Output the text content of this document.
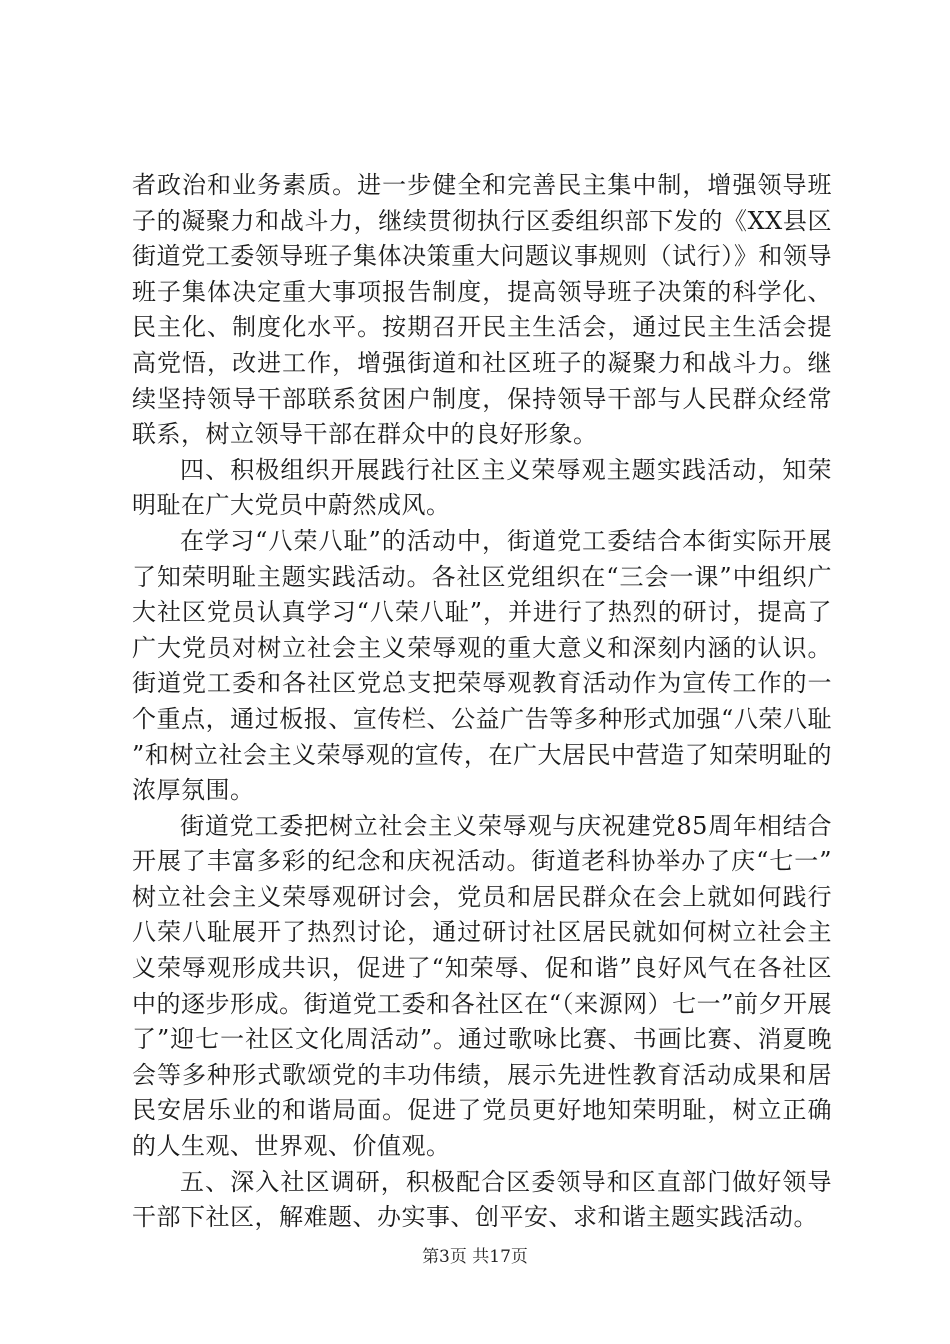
者政治和业务素质。进一步健全和完善民主集中制，增强领导班子的凝聚力和战斗力，继续贯彻执行区委组织部下发的《XX县区街道党工委领导班子集体决策重大问题议事规则（试行）》和领导班子集体决定重大事项报告制度，提高领导班子决策的科学化、民主化、制度化水平。按期召开民主生活会，通过民主生活会提高党悟，改进工作，增强街道和社区班子的凝聚力和战斗力。继续坚持领导干部联系贫困户制度，保持领导干部与人民群众经常联系，树立领导干部在群众中的良好形象。

四、积极组织开展践行社区主义荣辱观主题实践活动，知荣明耻在广大党员中蔚然成风。

在学习“八荣八耻”的活动中，街道党工委结合本街实际开展了知荣明耻主题实践活动。各社区党组织在“三会一课”中组织广大社区党员认真学习“八荣八耻”，并进行了热烈的研讨，提高了广大党员对树立社会主义荣辱观的重大意义和深刻内涵的认识。街道党工委和各社区党总支把荣辱观教育活动作为宣传工作的一个重点，通过板报、宣传栏、公益广告等多种形式加强“八荣八耻”和树立社会主义荣辱观的宣传，在广大居民中营造了知荣明耻的浓厚氛围。

街道党工委把树立社会主义荣辱观与庆祝建党85周年相结合开展了丰富多彩的纪念和庆祝活动。街道老科协举办了庆“七一”树立社会主义荣辱观研讨会，党员和居民群众在会上就如何践行八荣八耻展开了热烈讨论，通过研讨社区居民就如何树立社会主义荣辱观形成共识，促进了“知荣辱、促和谐”良好风气在各社区中的逐步形成。街道党工委和各社区在“（来源网）七一”前夕开展了”迎七一社区文化周活动”。通过歌咏比赛、书画比赛、消夏晚会等多种形式歌颂党的丰功伟绩，展示先进性教育活动成果和居民安居乐业的和谐局面。促进了党员更好地知荣明耻，树立正确的人生观、世界观、价值观。

五、深入社区调研，积极配合区委领导和区直部门做好领导干部下社区，解难题、办实事、创平安、求和谐主题实践活动。

第3页 共17页
